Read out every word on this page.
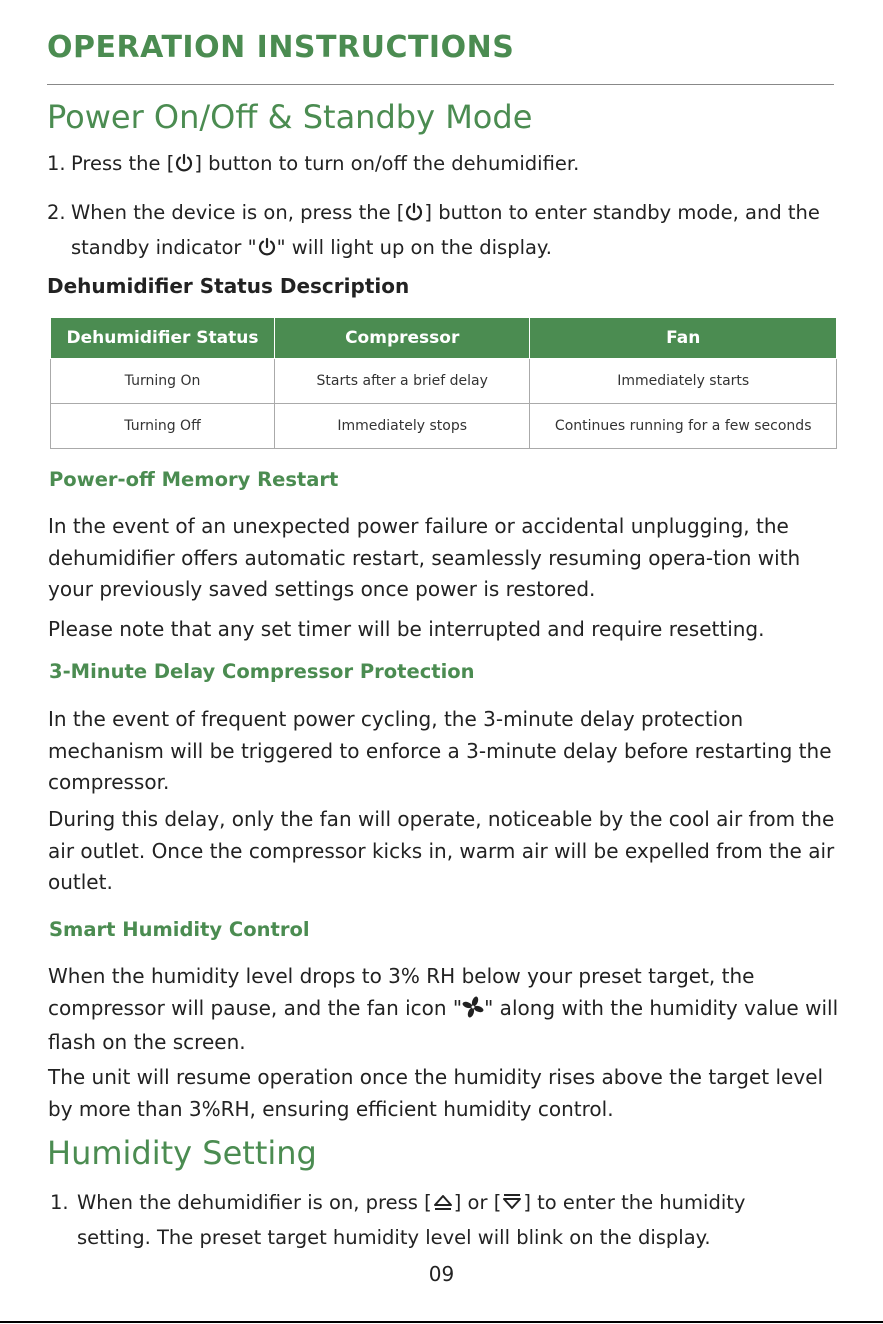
OPERATION INSTRUCTIONS
Power On/Off & Standby Mode
1. Press the [ ] button to turn on/off the dehumidifier.
2. When the device is on, press the [ ] button to enter standby mode, and the standby indicator " " will light up on the display.
Dehumidifier Status Description
Dehumidifier Status	Compressor	Fan
Turning On	Starts after a brief delay	Immediately starts
Turning Off	Immediately stops	Continues running for a few seconds
Power-off Memory Restart

In the event of an unexpected power failure or accidental unplugging, the dehumidifier offers automatic restart, seamlessly resuming opera-tion with your previously saved settings once power is restored.

Please note that any set timer will be interrupted and require resetting.

3-Minute Delay Compressor Protection

In the event of frequent power cycling, the 3-minute delay protection mechanism will be triggered to enforce a 3-minute delay before restarting the compressor.

During this delay, only the fan will operate, noticeable by the cool air from the air outlet. Once the compressor kicks in, warm air will be expelled from the air outlet.

Smart Humidity Control

When the humidity level drops to 3% RH below your preset target, the compressor will pause, and the fan icon " " along with the humidity value will flash on the screen.

The unit will resume operation once the humidity rises above the target level by more than 3%RH, ensuring efficient humidity control.

Humidity Setting
1. When the dehumidifier is on, press [ ] or [ ] to enter the humidity setting. The preset target humidity level will blink on the display.
09
